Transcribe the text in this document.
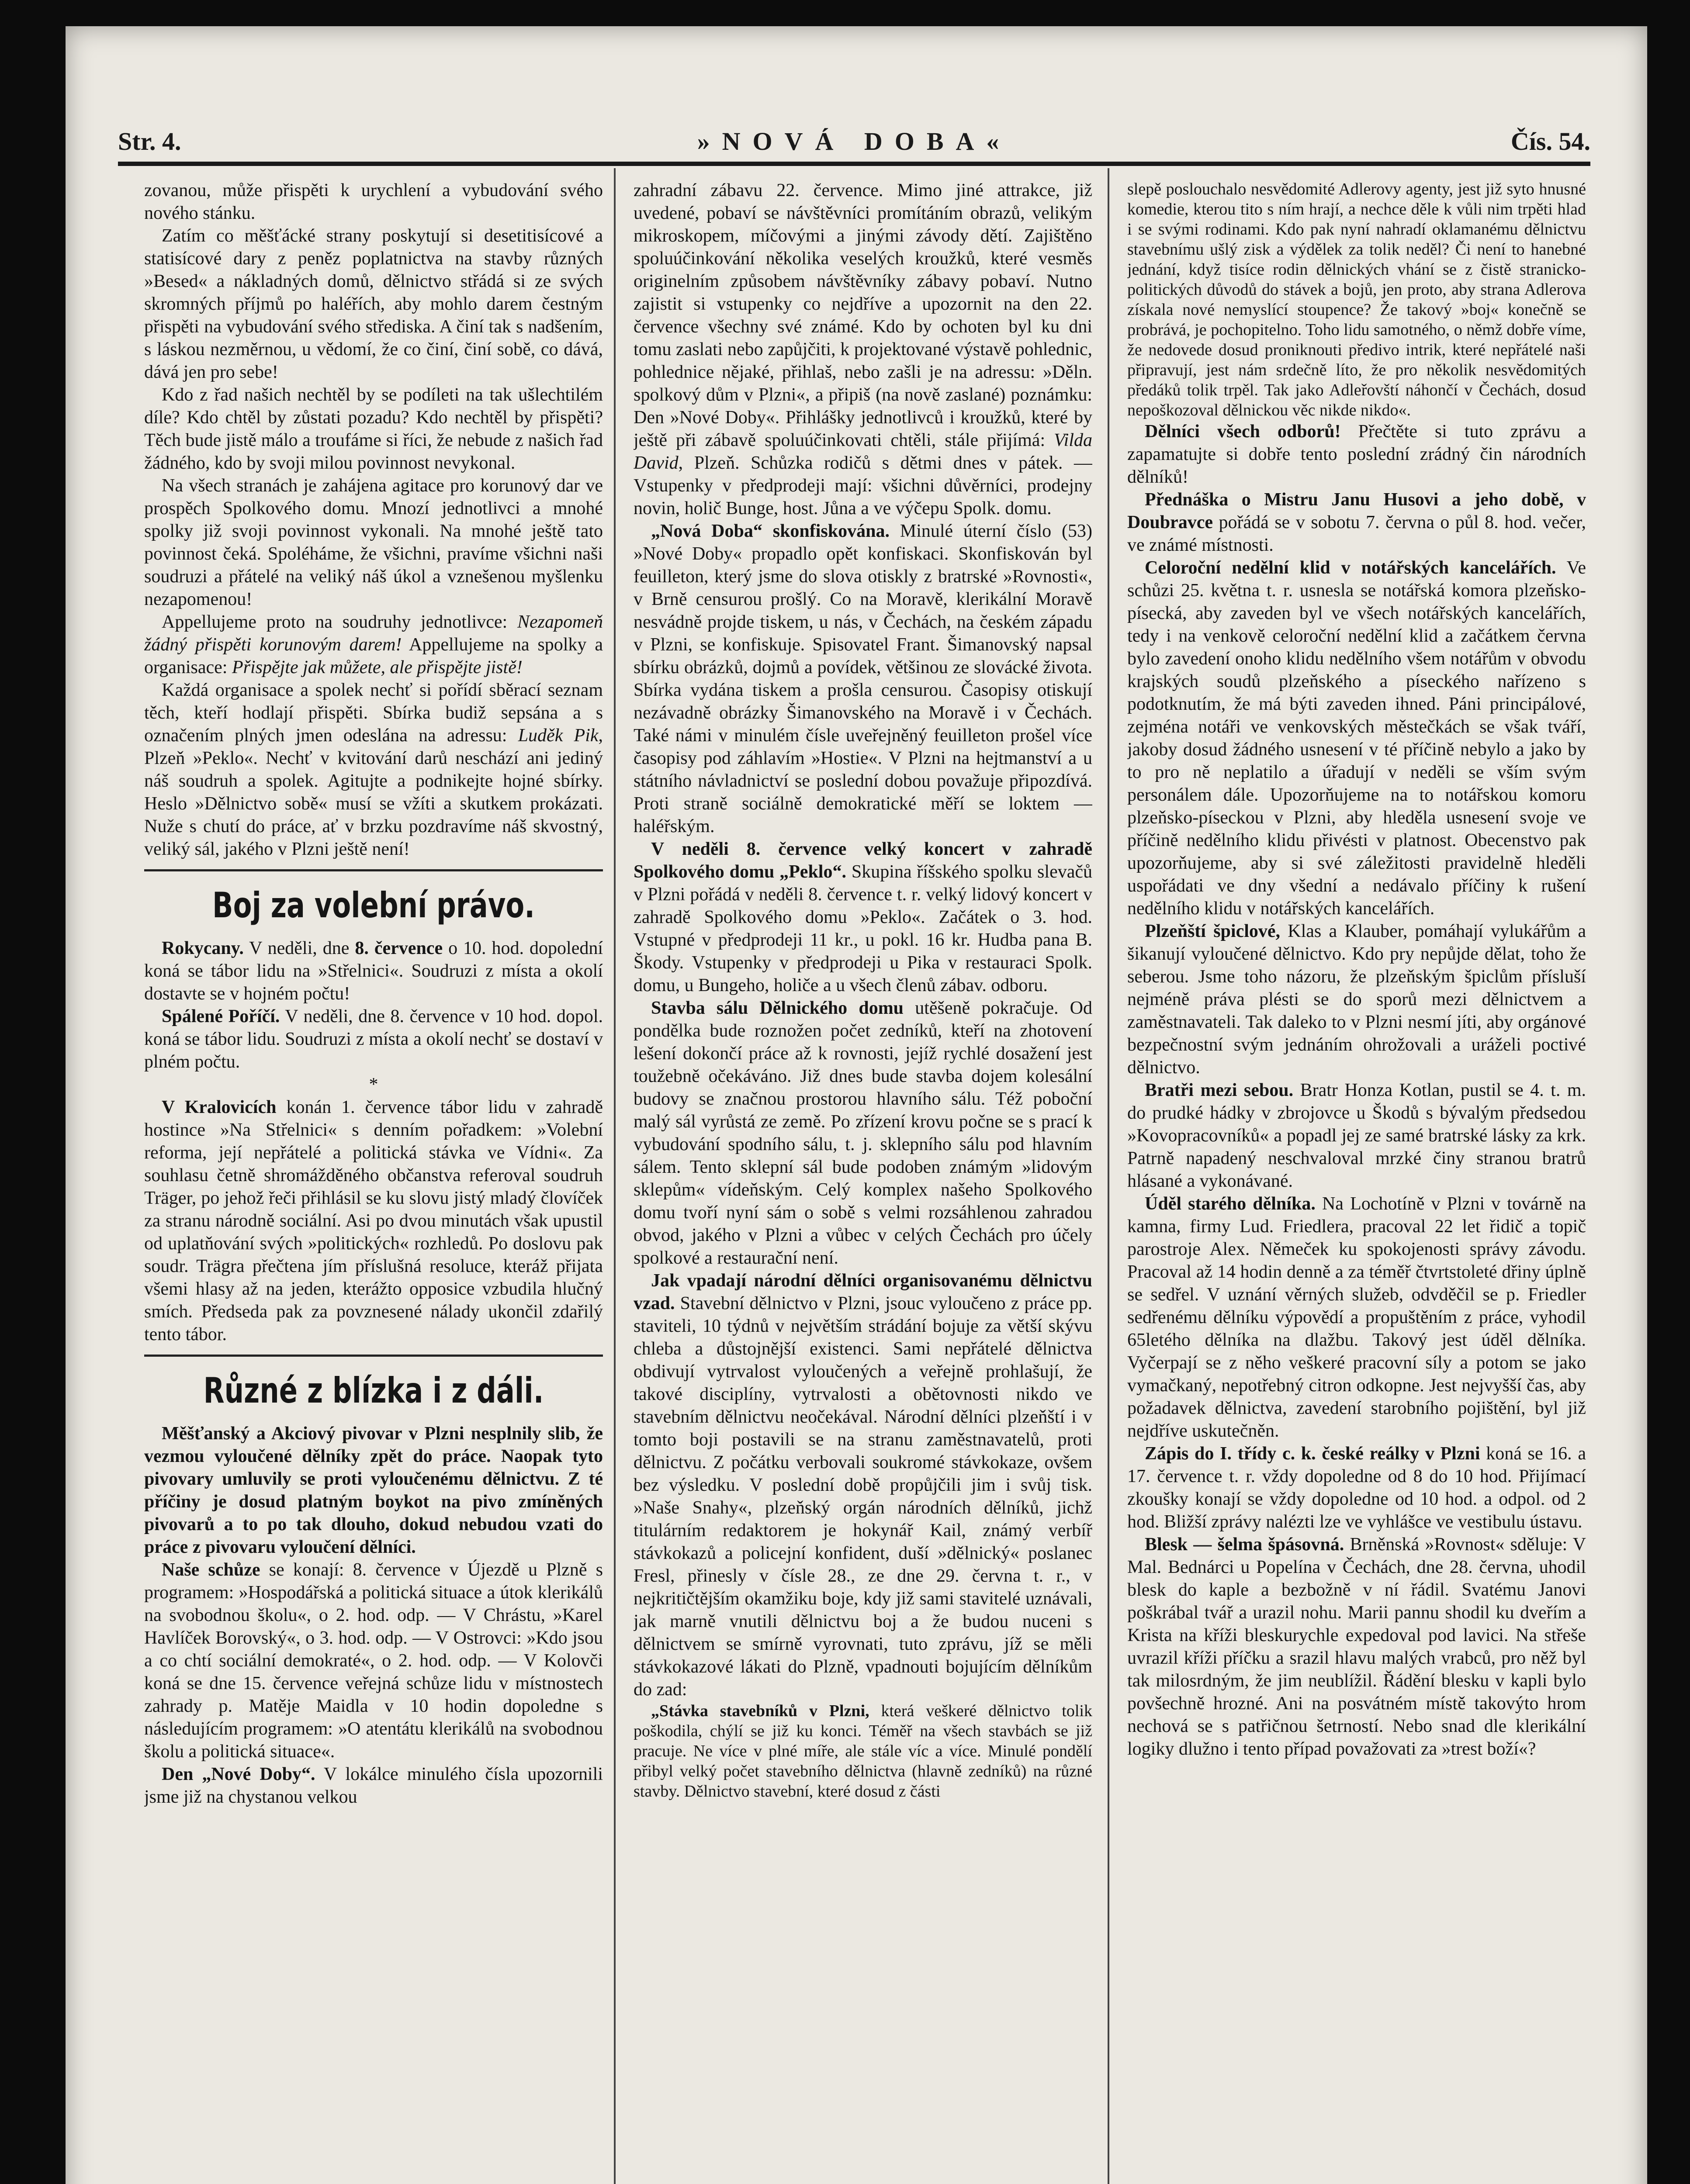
Str. 4.	»NOVÁ DOBA«	Čís. 54.

zovanou, může přispěti k urychlení a vybudování svého nového stánku.

Zatím co měšťácké strany poskytují si desetitisícové a statisícové dary z peněz poplatnictva na stavby různých »Besed« a nákladných domů, dělnictvo střádá si ze svých skromných příjmů po haléřích, aby mohlo darem čestným přispěti na vybudování svého střediska. A činí tak s nadšením, s láskou nezměrnou, u vědomí, že co činí, činí sobě, co dává, dává jen pro sebe!

Kdo z řad našich nechtěl by se podíleti na tak ušlechtilém díle? Kdo chtěl by zůstati pozadu? Kdo nechtěl by přispěti? Těch bude jistě málo a troufáme si říci, že nebude z našich řad žádného, kdo by svoji milou povinnost nevykonal.

Na všech stranách je zahájena agitace pro korunový dar ve prospěch Spolkového domu. Mnozí jednotlivci a mnohé spolky již svoji povinnost vykonali. Na mnohé ještě tato povinnost čeká. Spoléháme, že všichni, pravíme všichni naši soudruzi a přátelé na veliký náš úkol a vznešenou myšlenku nezapomenou!

Appellujeme proto na soudruhy jednotlivce: Nezapomeň žádný přispěti korunovým darem! Appellujeme na spolky a organisace: Přispějte jak můžete, ale přispějte jistě!

Každá organisace a spolek nechť si pořídí sběrací seznam těch, kteří hodlají přispěti. Sbírka budiž sepsána a s označením plných jmen odeslána na adressu: Luděk Pik, Plzeň »Peklo«. Nechť v kvitování darů neschází ani jediný náš soudruh a spolek. Agitujte a podnikejte hojné sbírky. Heslo »Dělnictvo sobě« musí se vžíti a skutkem prokázati. Nuže s chutí do práce, ať v brzku pozdravíme náš skvostný, veliký sál, jakého v Plzni ještě není!

Boj za volební právo.

Rokycany. V neděli, dne 8. července o 10. hod. dopolední koná se tábor lidu na »Střelnici«. Soudruzi z místa a okolí dostavte se v hojném počtu!

Spálené Poříčí. V neděli, dne 8. července v 10 hod. dopol. koná se tábor lidu. Soudruzi z místa a okolí nechť se dostaví v plném počtu.

*

V Kralovicích konán 1. července tábor lidu v zahradě hostince »Na Střelnici« s denním pořadkem: »Volební reforma, její nepřátelé a politická stávka ve Vídni«. Za souhlasu četně shromážděného občanstva referoval soudruh Träger, po jehož řeči přihlásil se ku slovu jistý mladý človíček za stranu národně sociální. Asi po dvou minutách však upustil od uplatňování svých »politických« rozhledů. Po doslovu pak soudr. Trägra přečtena jím příslušná resoluce, kteráž přijata všemi hlasy až na jeden, kterážto opposice vzbudila hlučný smích. Předseda pak za povznesené nálady ukončil zdařilý tento tábor.

Různé z blízka i z dáli.

Měšťanský a Akciový pivovar v Plzni nesplnily slib, že vezmou vyloučené dělníky zpět do práce. Naopak tyto pivovary umluvily se proti vyloučenému dělnictvu. Z té příčiny je dosud platným boykot na pivo zmíněných pivovarů a to po tak dlouho, dokud nebudou vzati do práce z pivovaru vyloučení dělníci.

Naše schůze se konají: 8. července v Újezdě u Plzně s programem: »Hospodářská a politická situace a útok klerikálů na svobodnou školu«, o 2. hod. odp. — V Chrástu, »Karel Havlíček Borovský«, o 3. hod. odp. — V Ostrovci: »Kdo jsou a co chtí sociální demokraté«, o 2. hod. odp. — V Kolovči koná se dne 15. července veřejná schůze lidu v místnostech zahrady p. Matěje Maidla v 10 hodin dopoledne s následujícím programem: »O atentátu klerikálů na svobodnou školu a politická situace«.

Den „Nové Doby“. V lokálce minulého čísla upozornili jsme již na chystanou velkou

zahradní zábavu 22. července. Mimo jiné attrakce, již uvedené, pobaví se návštěvníci promítáním obrazů, velikým mikroskopem, míčovými a jinými závody dětí. Zajištěno spoluúčinkování několika veselých kroužků, které vesměs originelním způsobem návštěvníky zábavy pobaví. Nutno zajistit si vstupenky co nejdříve a upozornit na den 22. července všechny své známé. Kdo by ochoten byl ku dni tomu zaslati nebo zapůjčiti, k projektované výstavě pohlednic, pohlednice nějaké, přihlaš, nebo zašli je na adressu: »Děln. spolkový dům v Plzni«, a připiš (na nově zaslané) poznámku: Den »Nové Doby«. Přihlášky jednotlivců i kroužků, které by ještě při zábavě spoluúčinkovati chtěli, stále přijímá: Vilda David, Plzeň. Schůzka rodičů s dětmi dnes v pátek. — Vstupenky v předprodeji mají: všichni důvěrníci, prodejny novin, holič Bunge, host. Jůna a ve výčepu Spolk. domu.

„Nová Doba“ skonfiskována. Minulé úterní číslo (53) »Nové Doby« propadlo opět konfiskaci. Skonfiskován byl feuilleton, který jsme do slova otiskly z bratrské »Rovnosti«, v Brně censurou prošlý. Co na Moravě, klerikální Moravě nesvádně projde tiskem, u nás, v Čechách, na českém západu v Plzni, se konfiskuje. Spisovatel Frant. Šimanovský napsal sbírku obrázků, dojmů a povídek, většinou ze slovácké života. Sbírka vydána tiskem a prošla censurou. Časopisy otiskují nezávadně obrázky Šimanovského na Moravě i v Čechách. Také námi v minulém čísle uveřejněný feuilleton prošel více časopisy pod záhlavím »Hostie«. V Plzni na hejtmanství a u státního návladnictví se poslední dobou považuje připozdívá. Proti straně sociálně demokratické měří se loktem — haléřským.

V neděli 8. července velký koncert v zahradě Spolkového domu „Peklo“. Skupina říšského spolku slevačů v Plzni pořádá v neděli 8. července t. r. velký lidový koncert v zahradě Spolkového domu »Peklo«. Začátek o 3. hod. Vstupné v předprodeji 11 kr., u pokl. 16 kr. Hudba pana B. Škody. Vstupenky v předprodeji u Pika v restauraci Spolk. domu, u Bungeho, holiče a u všech členů zábav. odboru.

Stavba sálu Dělnického domu utěšeně pokračuje. Od pondělka bude roznožen počet zedníků, kteří na zhotovení lešení dokončí práce až k rovnosti, jejíž rychlé dosažení jest toužebně očekáváno. Již dnes bude stavba dojem kolesální budovy se značnou prostorou hlavního sálu. Též poboční malý sál vyrůstá ze země. Po zřízení krovu počne se s prací k vybudování spodního sálu, t. j. sklepního sálu pod hlavním sálem. Tento sklepní sál bude podoben známým »lidovým sklepům« vídeňským. Celý komplex našeho Spolkového domu tvoří nyní sám o sobě s velmi rozsáhlenou zahradou obvod, jakého v Plzni a vůbec v celých Čechách pro účely spolkové a restaurační není.

Jak vpadají národní dělníci organisovanému dělnictvu vzad. Stavební dělnictvo v Plzni, jsouc vyloučeno z práce pp. staviteli, 10 týdnů v největším strádání bojuje za větší skývu chleba a důstojnější existenci. Sami nepřátelé dělnictva obdivují vytrvalost vyloučených a veřejně prohlašují, že takové disciplíny, vytrvalosti a obětovnosti nikdo ve stavebním dělnictvu neočekával. Národní dělníci plzeňští i v tomto boji postavili se na stranu zaměstnavatelů, proti dělnictvu. Z počátku verbovali soukromé stávkokaze, ovšem bez výsledku. V poslední době propůjčili jim i svůj tisk. »Naše Snahy«, plzeňský orgán národních dělníků, jichž titulárním redaktorem je hokynář Kail, známý verbíř stávkokazů a policejní konfident, duší »dělnický« poslanec Fresl, přinesly v čísle 28., ze dne 29. června t. r., v nejkritičtějším okamžiku boje, kdy již sami stavitelé uznávali, jak marně vnutili dělnictvu boj a že budou nuceni s dělnictvem se smírně vyrovnati, tuto zprávu, jíž se měli stávkokazové lákati do Plzně, vpadnouti bojujícím dělníkům do zad:

„Stávka stavebníků v Plzni, která veškeré dělnictvo tolik poškodila, chýlí se již ku konci. Téměř na všech stavbách se již pracuje. Ne více v plné míře, ale stále víc a více. Minulé pondělí přibyl velký počet stavebního dělnictva (hlavně zedníků) na různé stavby. Dělnictvo stavební, které dosud z části

slepě poslouchalo nesvědomité Adlerovy agenty, jest již syto hnusné komedie, kterou tito s ním hrají, a nechce děle k vůli nim trpěti hlad i se svými rodinami. Kdo pak nyní nahradí oklamanému dělnictvu stavebnímu ušlý zisk a výdělek za tolik neděl? Či není to hanebné jednání, když tisíce rodin dělnických vhání se z čistě stranicko-politických důvodů do stávek a bojů, jen proto, aby strana Adlerova získala nové nemyslící stoupence? Že takový »boj« konečně se probrává, je pochopitelno. Toho lidu samotného, o němž dobře víme, že nedovede dosud proniknouti předivo intrik, které nepřátelé naši připravují, jest nám srdečně líto, že pro několik nesvědomitých předáků tolik trpěl. Tak jako Adleřovští náhončí v Čechách, dosud nepoškozoval dělnickou věc nikde nikdo«.

Dělníci všech odborů! Přečtěte si tuto zprávu a zapamatujte si dobře tento poslední zrádný čin národních dělníků!

Přednáška o Mistru Janu Husovi a jeho době, v Doubravce pořádá se v sobotu 7. června o půl 8. hod. večer, ve známé místnosti.

Celoroční nedělní klid v notářských kancelářích. Ve schůzi 25. května t. r. usnesla se notářská komora plzeňsko-písecká, aby zaveden byl ve všech notářských kancelářích, tedy i na venkově celoroční nedělní klid a začátkem června bylo zavedení onoho klidu nedělního všem notářům v obvodu krajských soudů plzeňského a píseckého nařízeno s podotknutím, že má býti zaveden ihned. Páni principálové, zejména notáři ve venkovských městečkách se však tváří, jakoby dosud žádného usnesení v té příčině nebylo a jako by to pro ně neplatilo a úřadují v neděli se vším svým personálem dále. Upozorňujeme na to notářskou komoru plzeňsko-píseckou v Plzni, aby hleděla usnesení svoje ve příčině nedělního klidu přivésti v platnost. Obecenstvo pak upozorňujeme, aby si své záležitosti pravidelně hleděli uspořádati ve dny všední a nedávalo příčiny k rušení nedělního klidu v notářských kancelářích.

Plzeňští špiclové, Klas a Klauber, pomáhají vylukářům a šikanují vyloučené dělnictvo. Kdo pry nepůjde dělat, toho že seberou. Jsme toho názoru, že plzeňským špiclům přísluší nejméně práva plésti se do sporů mezi dělnictvem a zaměstnavateli. Tak daleko to v Plzni nesmí jíti, aby orgánové bezpečnostní svým jednáním ohrožovali a uráželi poctivé dělnictvo.

Bratři mezi sebou. Bratr Honza Kotlan, pustil se 4. t. m. do prudké hádky v zbrojovce u Škodů s bývalým předsedou »Kovopracovníků« a popadl jej ze samé bratrské lásky za krk. Patrně napadený neschvaloval mrzké činy stranou bratrů hlásané a vykonávané.

Úděl starého dělníka. Na Lochotíně v Plzni v továrně na kamna, firmy Lud. Friedlera, pracoval 22 let řidič a topič parostroje Alex. Němeček ku spokojenosti správy závodu. Pracoval až 14 hodin denně a za téměř čtvrtstoleté dřiny úplně se sedřel. V uznání věrných služeb, odvděčil se p. Friedler sedřenému dělníku výpovědí a propuštěním z práce, vyhodil 65letého dělníka na dlažbu. Takový jest úděl dělníka. Vyčerpají se z něho veškeré pracovní síly a potom se jako vymačkaný, nepotřebný citron odkopne. Jest nejvyšší čas, aby požadavek dělnictva, zavedení starobního pojištění, byl již nejdříve uskutečněn.

Zápis do I. třídy c. k. české reálky v Plzni koná se 16. a 17. července t. r. vždy dopoledne od 8 do 10 hod. Přijímací zkoušky konají se vždy dopoledne od 10 hod. a odpol. od 2 hod. Bližší zprávy nalézti lze ve vyhlášce ve vestibulu ústavu.

Blesk — šelma špásovná. Brněnská »Rovnost« sděluje: V Mal. Bednárci u Popelína v Čechách, dne 28. června, uhodil blesk do kaple a bezbožně v ní řádil. Svatému Janovi poškrábal tvář a urazil nohu. Marii pannu shodil ku dveřím a Krista na kříži bleskurychle expedoval pod lavici. Na střeše uvrazil kříži příčku a srazil hlavu malých vrabců, pro něž byl tak milosrdným, že jim neublížil. Řádění blesku v kapli bylo povšechně hrozné. Ani na posvátném místě takovýto hrom nechová se s patřičnou šetrností. Nebo snad dle klerikální logiky dlužno i tento případ považovati za »trest boží«?
